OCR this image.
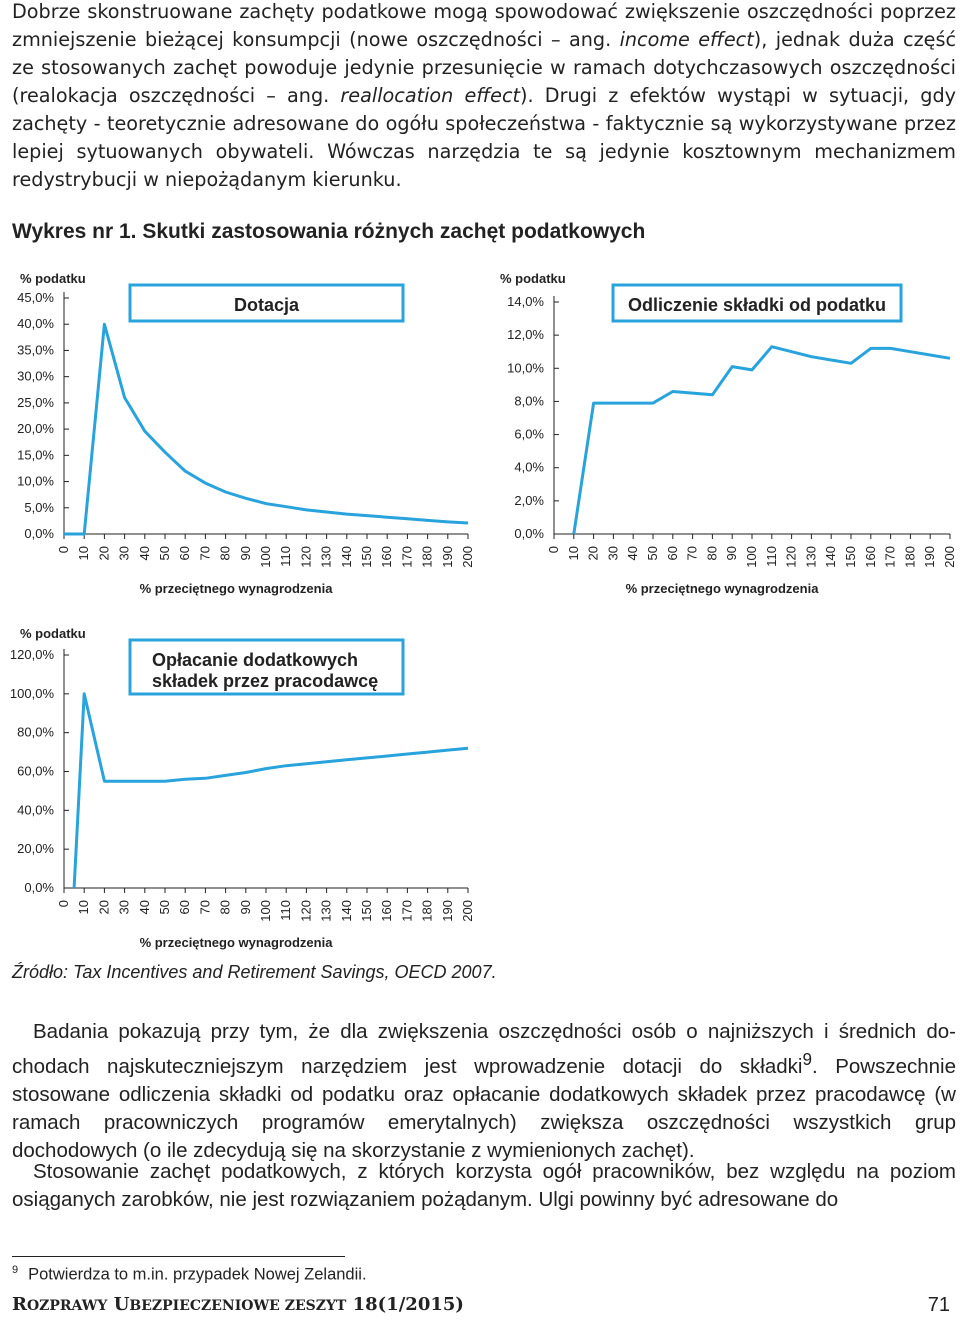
Dobrze skonstruowane zachęty podatkowe mogą spowodować zwiększenie oszczędności poprzez zmniejszenie bieżącej konsumpcji (nowe oszczędności – ang. income effect), jednak duża część ze stosowanych zachęt powoduje jedynie przesunięcie w ramach dotychczasowych oszczędności (realokacja oszczędności – ang. reallocation effect). Drugi z efektów wystąpi w sytuacji, gdy zachęty - teoretycznie adresowane do ogółu społeczeństwa - faktycznie są wykorzystywane przez lepiej sytuowanych obywateli. Wówczas narzędzia te są jedynie kosztownym mechanizmem redystrybucji w niepożądanym kierunku.
Wykres nr 1. Skutki zastosowania różnych zachęt podatkowych
% podatku
0,0%
5,0%
10,0%
15,0%
20,0%
25,0%
30,0%
35,0%
40,0%
45,0%
0 10 20 30 40 50 60 70 80 90 100 110 120 130 140 150 160 170 180 190 200
% przeciętnego wynagrodzenia
Dotacja
% podatku
0,0%
2,0%
4,0%
6,0%
8,0%
10,0%
12,0%
14,0%
0 10 20 30 40 50 60 70 80 90 100 110 120 130 140 150 160 170 180 190 200
% przeciętnego wynagrodzenia
Odliczenie składki od podatku
% podatku
0,0%
20,0%
40,0%
60,0%
80,0%
100,0%
120,0%
0 10 20 30 40 50 60 70 80 90 100 110 120 130 140 150 160 170 180 190 200
% przeciętnego wynagrodzenia
Opłacanie dodatkowych
składek przez pracodawcę
Źródło: Tax Incentives and Retirement Savings, OECD 2007.
Badania pokazują przy tym, że dla zwiększenia oszczędności osób o najniższych i średnich dochodach najskuteczniejszym narzędziem jest wprowadzenie dotacji do składki$^9$. Powszechnie stosowane odliczenia składki od podatku oraz opłacanie dodatkowych składek przez pracodawcę (w ramach pracowniczych programów emerytalnych) zwiększa oszczędności wszystkich grup dochodowych (o ile zdecydują się na skorzystanie z wymienionych zachęt).
Stosowanie zachęt podatkowych, z których korzysta ogół pracowników, bez względu na poziom osiąganych zarobków, nie jest rozwiązaniem pożądanym. Ulgi powinny być adresowane do
$^9$ Potwierdza to m.in. przypadek Nowej Zelandii.
ROZPRAWY UBEZPIECZENIOWE ZESZYT 18(1/2015)	71
